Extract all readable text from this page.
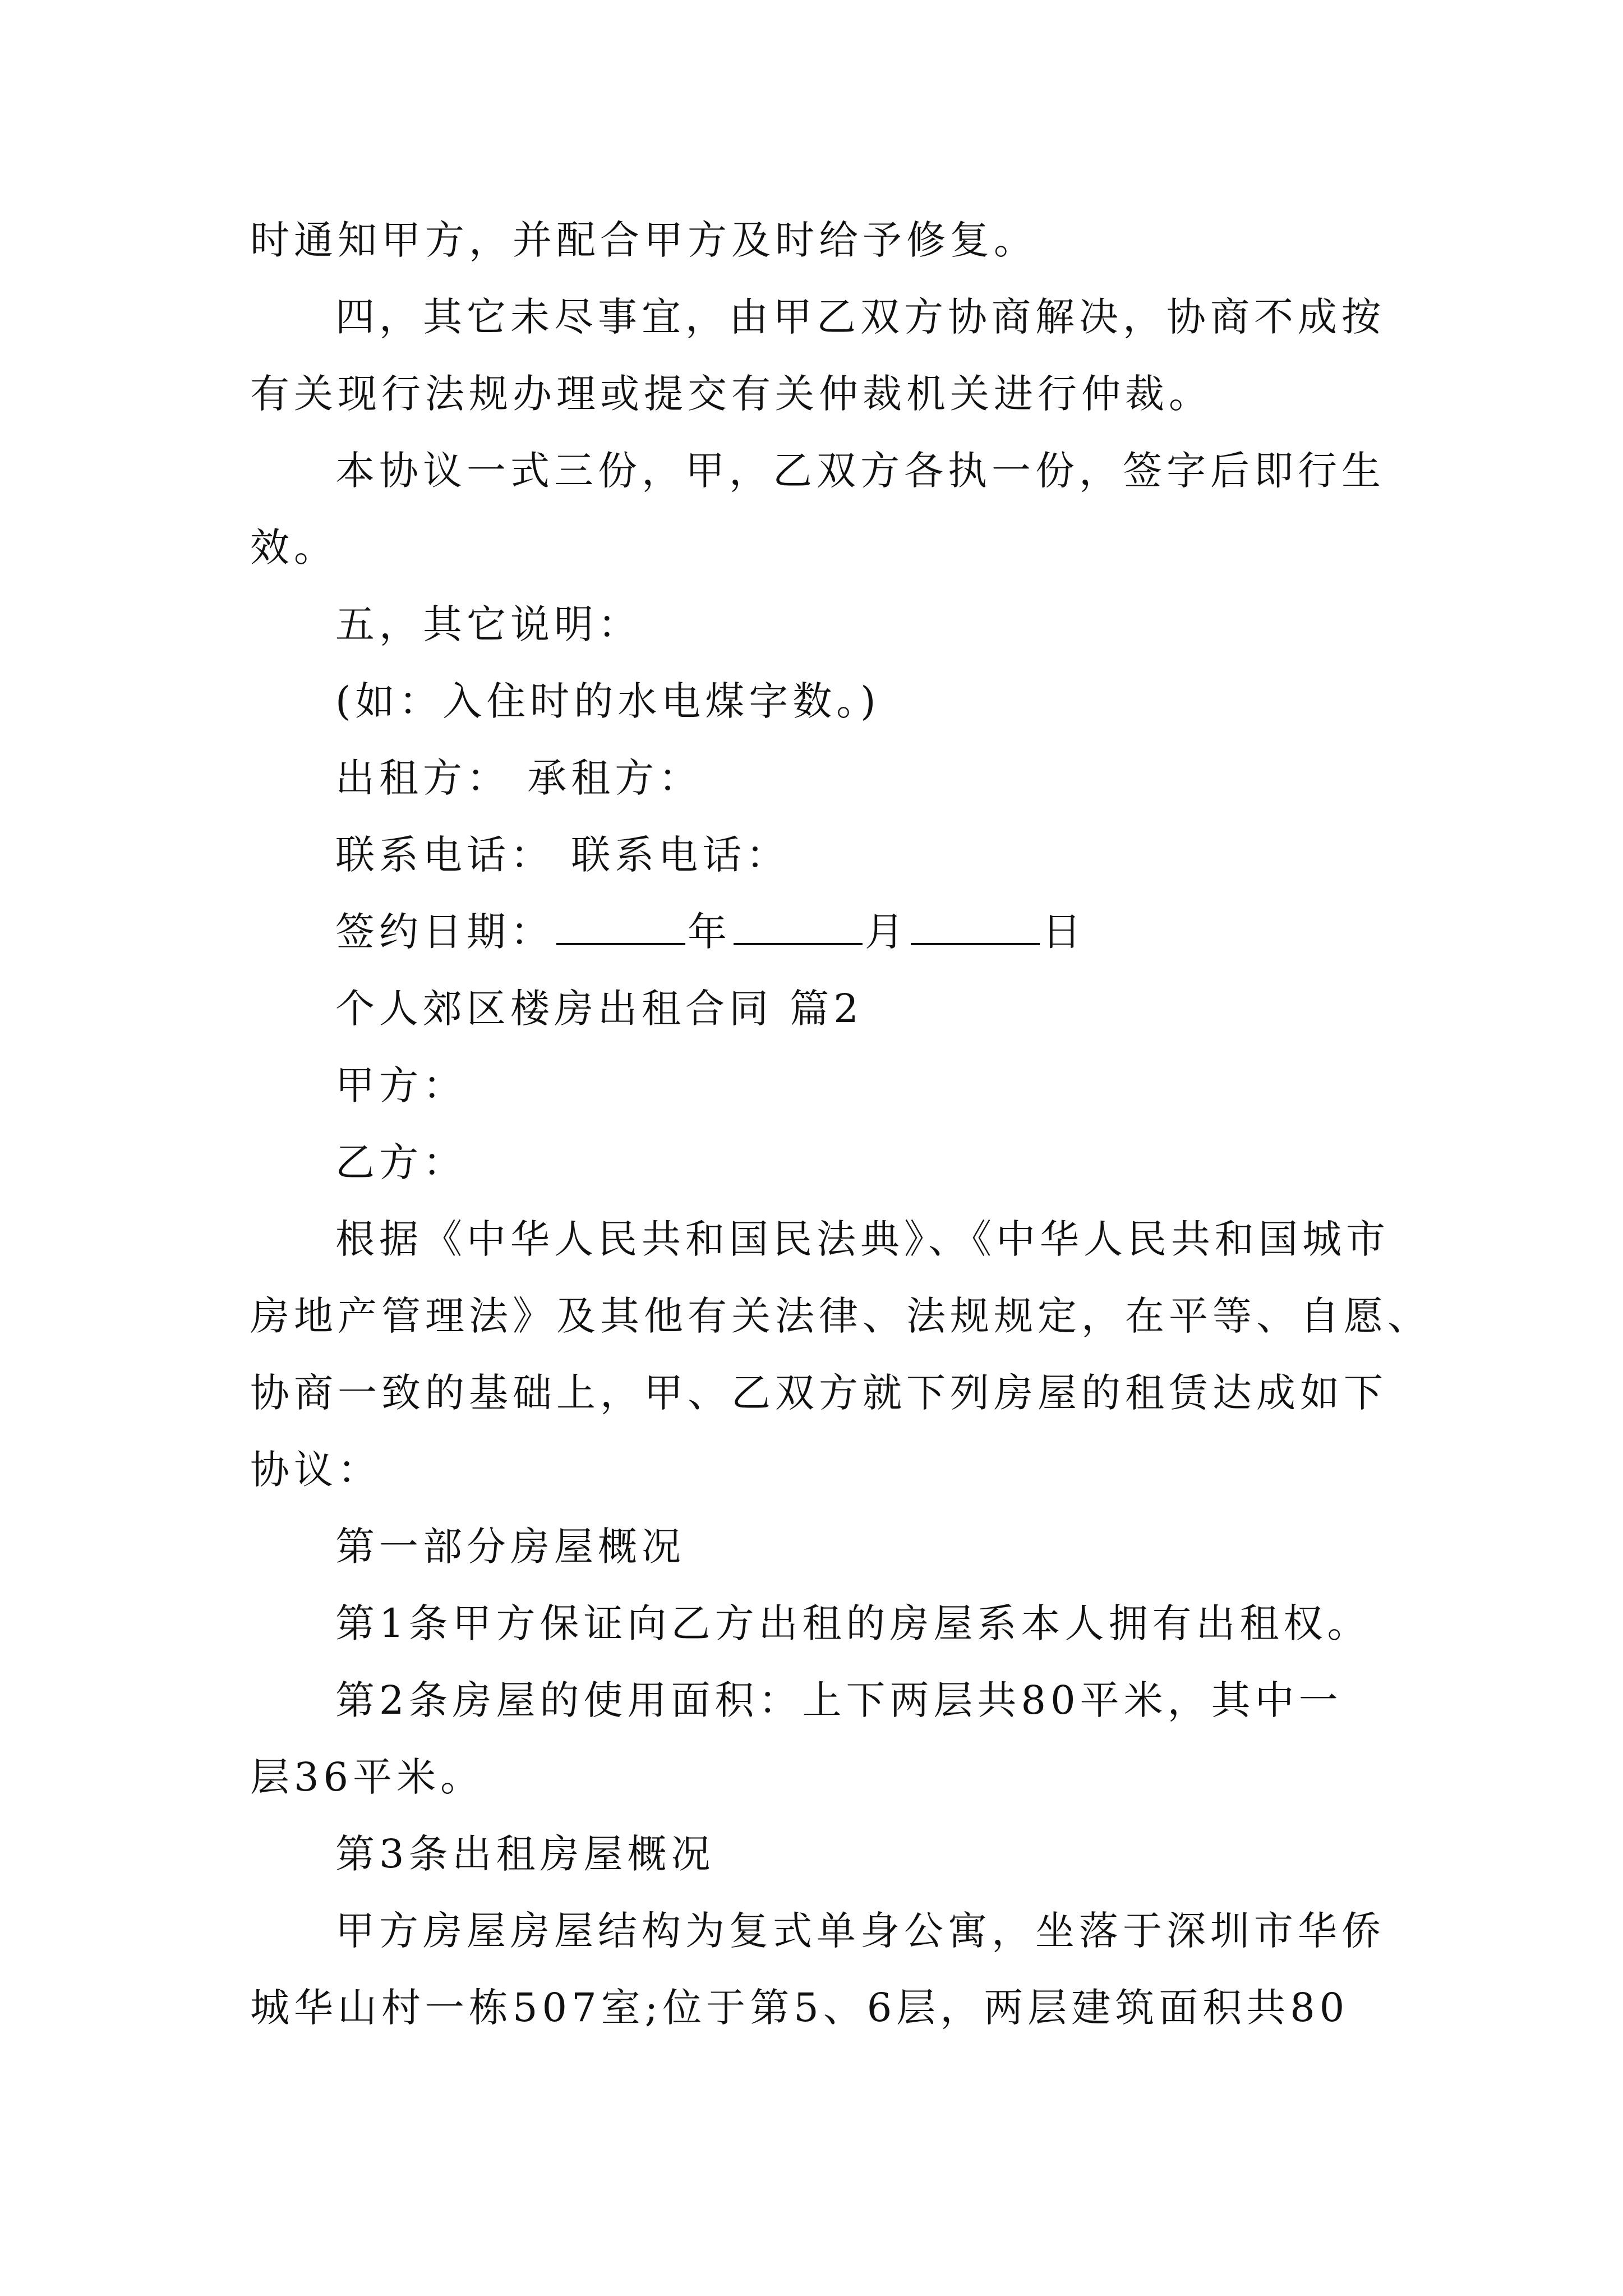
时通知甲方，并配合甲方及时给予修复。
四，其它未尽事宜，由甲乙双方协商解决，协商不成按
有关现行法规办理或提交有关仲裁机关进行仲裁。
本协议一式三份，甲，乙双方各执一份，签字后即行生
效。
五，其它说明：
(如：入住时的水电煤字数。)
出租方： 承租方：
联系电话： 联系电话：
签约日期：	年	月	日
个人郊区楼房出租合同 篇2
甲方：
乙方：
根据《中华人民共和国民法典》、《中华人民共和国城市
房地产管理法》及其他有关法律、法规规定，在平等、自愿、
协商一致的基础上，甲、乙双方就下列房屋的租赁达成如下
协议：
第一部分房屋概况
第1条甲方保证向乙方出租的房屋系本人拥有出租权。
第2条房屋的使用面积：上下两层共80平米，其中一
层36平米。
第3条出租房屋概况
甲方房屋房屋结构为复式单身公寓，坐落于深圳市华侨
城华山村一栋507室;位于第5、6层，两层建筑面积共80
